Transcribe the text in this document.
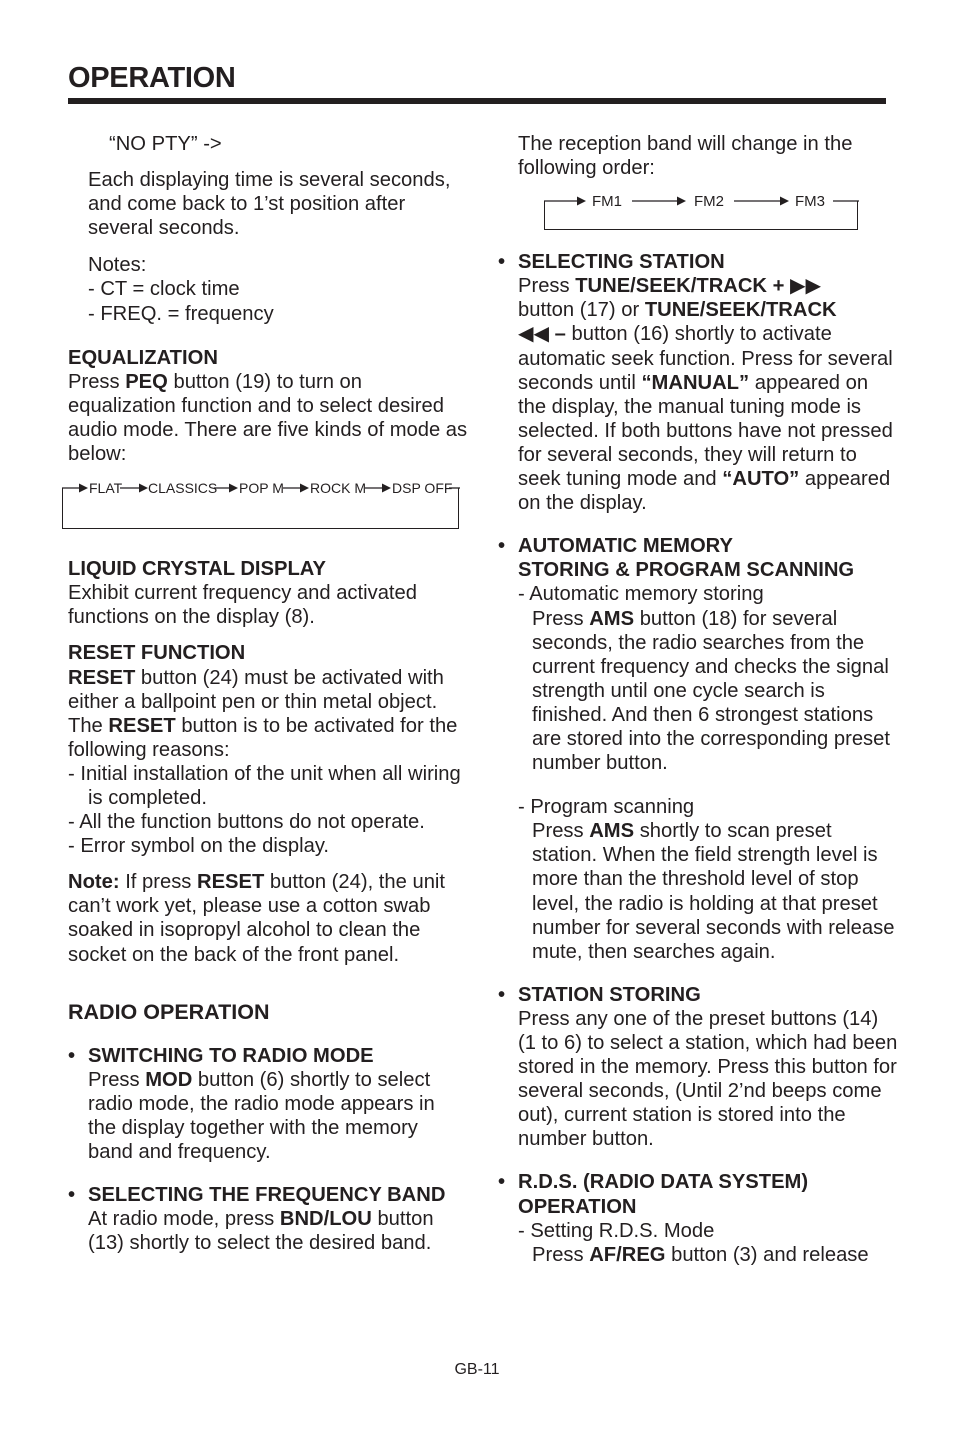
OPERATION

“NO PTY” ->

Each displaying time is several seconds, and come back to 1’st position after several seconds.

Notes:

- CT = clock time

- FREQ. = frequency

EQUALIZATION

Press PEQ button (19) to turn on equalization function and to select desired audio mode. There are five kinds of mode as below:

FLAT CLASSICS POP M ROCK M DSP OFF

LIQUID CRYSTAL DISPLAY

Exhibit current frequency and activated functions on the display (8).

RESET FUNCTION

RESET button (24) must be activated with either a ballpoint pen or thin metal object.

The RESET button is to be activated for the following reasons:

- Initial installation of the unit when all wiring is completed.

- All the function buttons do not operate.

- Error symbol on the display.

Note: If press RESET button (24), the unit can’t work yet, please use a cotton swab soaked in isopropyl alcohol to clean the socket on the back of the front panel.

RADIO OPERATION

• SWITCHING TO RADIO MODE

Press MOD button (6) shortly to select radio mode, the radio mode appears in the display together with the memory band and frequency.

• SELECTING THE FREQUENCY BAND

At radio mode, press BND/LOU button (13) shortly to select the desired band.

The reception band will change in the following order:

FM1	FM2	FM3
• SELECTING STATION

Press TUNE/SEEK/TRACK + ▶▶
button (17) or TUNE/SEEK/TRACK
◀◀ – button (16) shortly to activate automatic seek function. Press for several seconds until “MANUAL” appeared on the display, the manual tuning mode is selected. If both buttons have not pressed for several seconds, they will return to seek tuning mode and “AUTO” appeared on the display.

• AUTOMATIC MEMORY

STORING & PROGRAM SCANNING

- Automatic memory storing

Press AMS button (18) for several seconds, the radio searches from the current frequency and checks the signal strength until one cycle search is finished. And then 6 strongest stations are stored into the corresponding preset number button.

- Program scanning

Press AMS shortly to scan preset station. When the field strength level is more than the threshold level of stop level, the radio is holding at that preset number for several seconds with release mute, then searches again.

• STATION STORING

Press any one of the preset buttons (14) (1 to 6) to select a station, which had been stored in the memory. Press this button for several seconds, (Until 2’nd beeps come out), current station is stored into the number button.

• R.D.S. (RADIO DATA SYSTEM) OPERATION

- Setting R.D.S. Mode

Press AF/REG button (3) and release

GB-11
